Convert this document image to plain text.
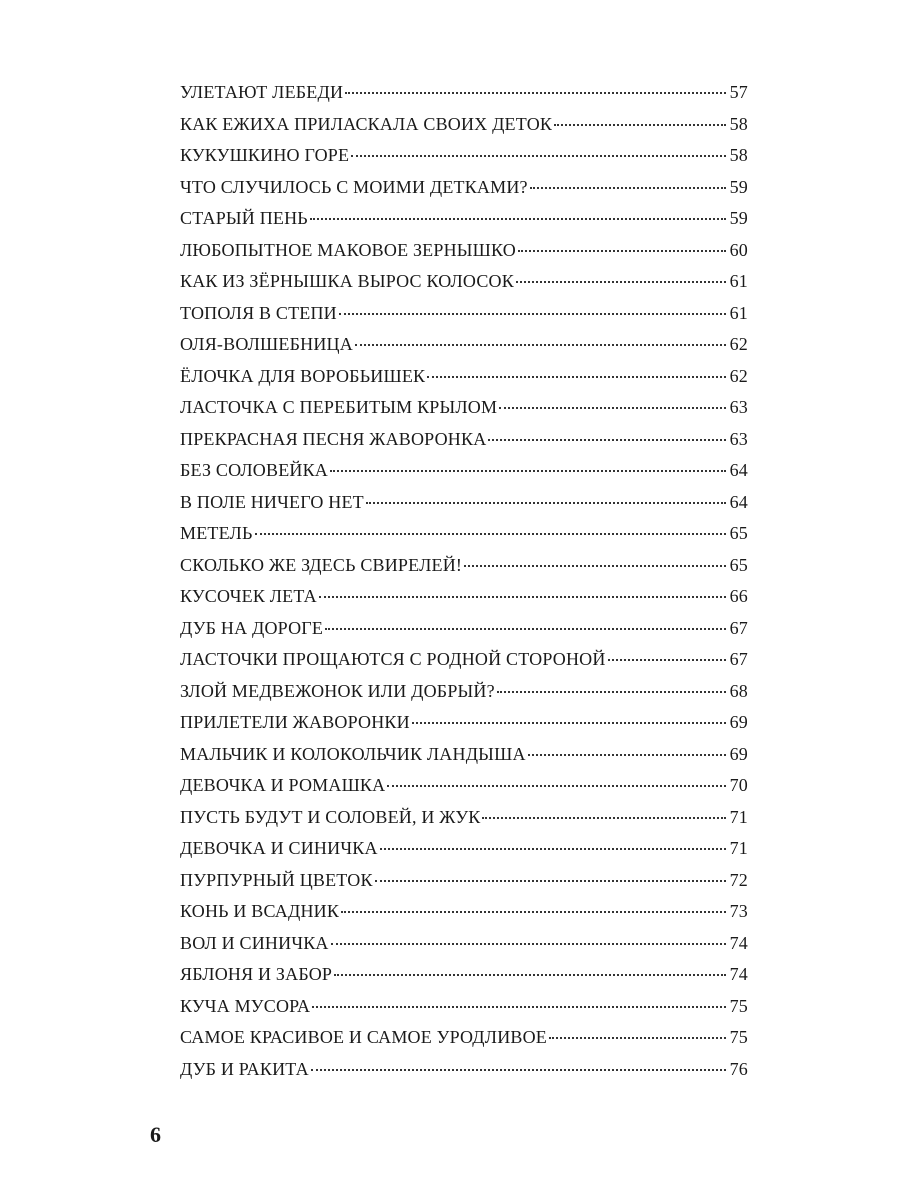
УЛЕТАЮТ ЛЕБЕДИ	57
КАК ЕЖИХА ПРИЛАСКАЛА СВОИХ ДЕТОК	58
КУКУШКИНО ГОРЕ	58
ЧТО СЛУЧИЛОСЬ С МОИМИ ДЕТКАМИ?	59
СТАРЫЙ ПЕНЬ	59
ЛЮБОПЫТНОЕ МАКОВОЕ ЗЕРНЫШКО	60
КАК ИЗ ЗЁРНЫШКА ВЫРОС КОЛОСОК	61
ТОПОЛЯ В СТЕПИ	61
ОЛЯ-ВОЛШЕБНИЦА	62
ЁЛОЧКА ДЛЯ ВОРОБЬИШЕК	62
ЛАСТОЧКА С ПЕРЕБИТЫМ КРЫЛОМ	63
ПРЕКРАСНАЯ ПЕСНЯ ЖАВОРОНКА	63
БЕЗ СОЛОВЕЙКА	64
В ПОЛЕ НИЧЕГО НЕТ	64
МЕТЕЛЬ	65
СКОЛЬКО ЖЕ ЗДЕСЬ СВИРЕЛЕЙ!	65
КУСОЧЕК ЛЕТА	66
ДУБ НА ДОРОГЕ	67
ЛАСТОЧКИ ПРОЩАЮТСЯ С РОДНОЙ СТОРОНОЙ	67
ЗЛОЙ МЕДВЕЖОНОК ИЛИ ДОБРЫЙ?	68
ПРИЛЕТЕЛИ ЖАВОРОНКИ	69
МАЛЬЧИК И КОЛОКОЛЬЧИК ЛАНДЫША	69
ДЕВОЧКА И РОМАШКА	70
ПУСТЬ БУДУТ И СОЛОВЕЙ, И ЖУК	71
ДЕВОЧКА И СИНИЧКА	71
ПУРПУРНЫЙ ЦВЕТОК	72
КОНЬ И ВСАДНИК	73
ВОЛ И СИНИЧКА	74
ЯБЛОНЯ И ЗАБОР	74
КУЧА МУСОРА	75
САМОЕ КРАСИВОЕ И САМОЕ УРОДЛИВОЕ	75
ДУБ И РАКИТА	76
6
